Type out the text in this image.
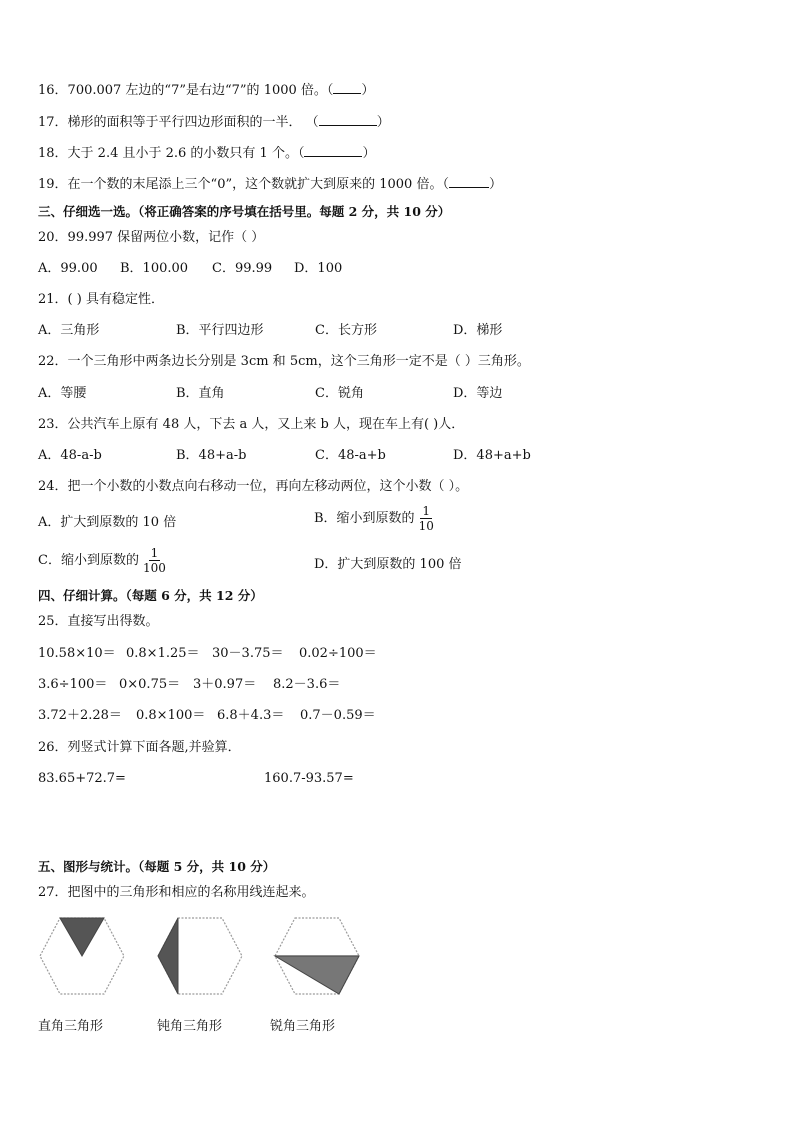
16．700.007 左边的“7”是右边“7”的 1000 倍。（ ）
17．梯形的面积等于平行四边形面积的一半． （	）
18．大于 2.4 且小于 2.6 的小数只有 1 个。（	）
19．在一个数的末尾添上三个“0”，这个数就扩大到原来的 1000 倍。（	）
三、仔细选一选。（将正确答案的序号填在括号里。每题 2 分，共 10 分）
20．99.997 保留两位小数，记作（ ）
A．99.00 B．100.00 C．99.99 D．100
21．( ) 具有稳定性．
A．三角形	B．平行四边形	C．长方形	D．梯形
22．一个三角形中两条边长分别是 3cm 和 5cm，这个三角形一定不是（ ）三角形。
A．等腰	B．直角	C．锐角	D．等边
23．公共汽车上原有 48 人，下去 a 人，又上来 b 人，现在车上有( )人．
A．48-a-b	B．48+a-b	C．48-a+b	D．48+a+b
24．把一个小数的小数点向右移动一位，再向左移动两位，这个小数（ ）。
A．扩大到原数的 10 倍	B．缩小到原数的 $\frac{1}{10}$
C．缩小到原数的 $\frac{1}{100}$	D．扩大到原数的 100 倍
四、仔细计算。（每题 6 分，共 12 分）
25．直接写出得数。
10.58×10＝ 0.8×1.25＝ 30－3.75＝ 0.02÷100＝
3.6÷100＝ 0×0.75＝ 3＋0.97＝ 8.2－3.6＝
3.72＋2.28＝ 0.8×100＝ 6.8＋4.3＝ 0.7－0.59＝
26．列竖式计算下面各题,并验算．
83.65+72.7=	160.7-93.57=
五、图形与统计。（每题 5 分，共 10 分）
27．把图中的三角形和相应的名称用线连起来。
直角三角形	钝角三角形	锐角三角形
